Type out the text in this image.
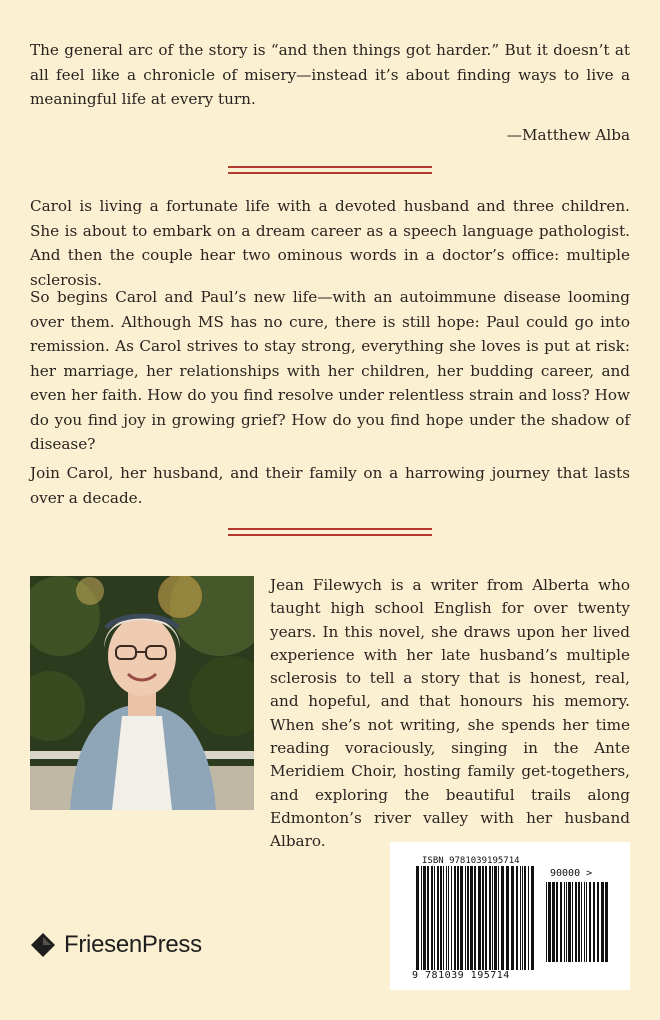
The general arc of the story is “and then things got harder.” But it doesn’t at all feel like a chronicle of misery—instead it’s about finding ways to live a meaningful life at every turn.

—Matthew Alba

Carol is living a fortunate life with a devoted husband and three children. She is about to embark on a dream career as a speech language pathologist. And then the couple hear two ominous words in a doctor’s office: multiple sclerosis.

So begins Carol and Paul’s new life—with an autoimmune disease looming over them. Although MS has no cure, there is still hope: Paul could go into remission. As Carol strives to stay strong, everything she loves is put at risk: her marriage, her relationships with her children, her budding career, and even her faith. How do you find resolve under relentless strain and loss? How do you find joy in growing grief? How do you find hope under the shadow of disease?

Join Carol, her husband, and their family on a harrowing journey that lasts over a decade.

Jean Filewych is a writer from Alberta who taught high school English for over twenty years. In this novel, she draws upon her lived experience with her late husband’s multiple sclerosis to tell a story that is honest, real, and hopeful, and that honours his memory. When she’s not writing, she spends her time reading voraciously, singing in the Ante Meridiem Choir, hosting family get-togethers, and exploring the beautiful trails along Edmonton’s river valley with her husband Albaro.

FriesenPress
ISBN 9781039195714
90000 >
9 781039 195714
